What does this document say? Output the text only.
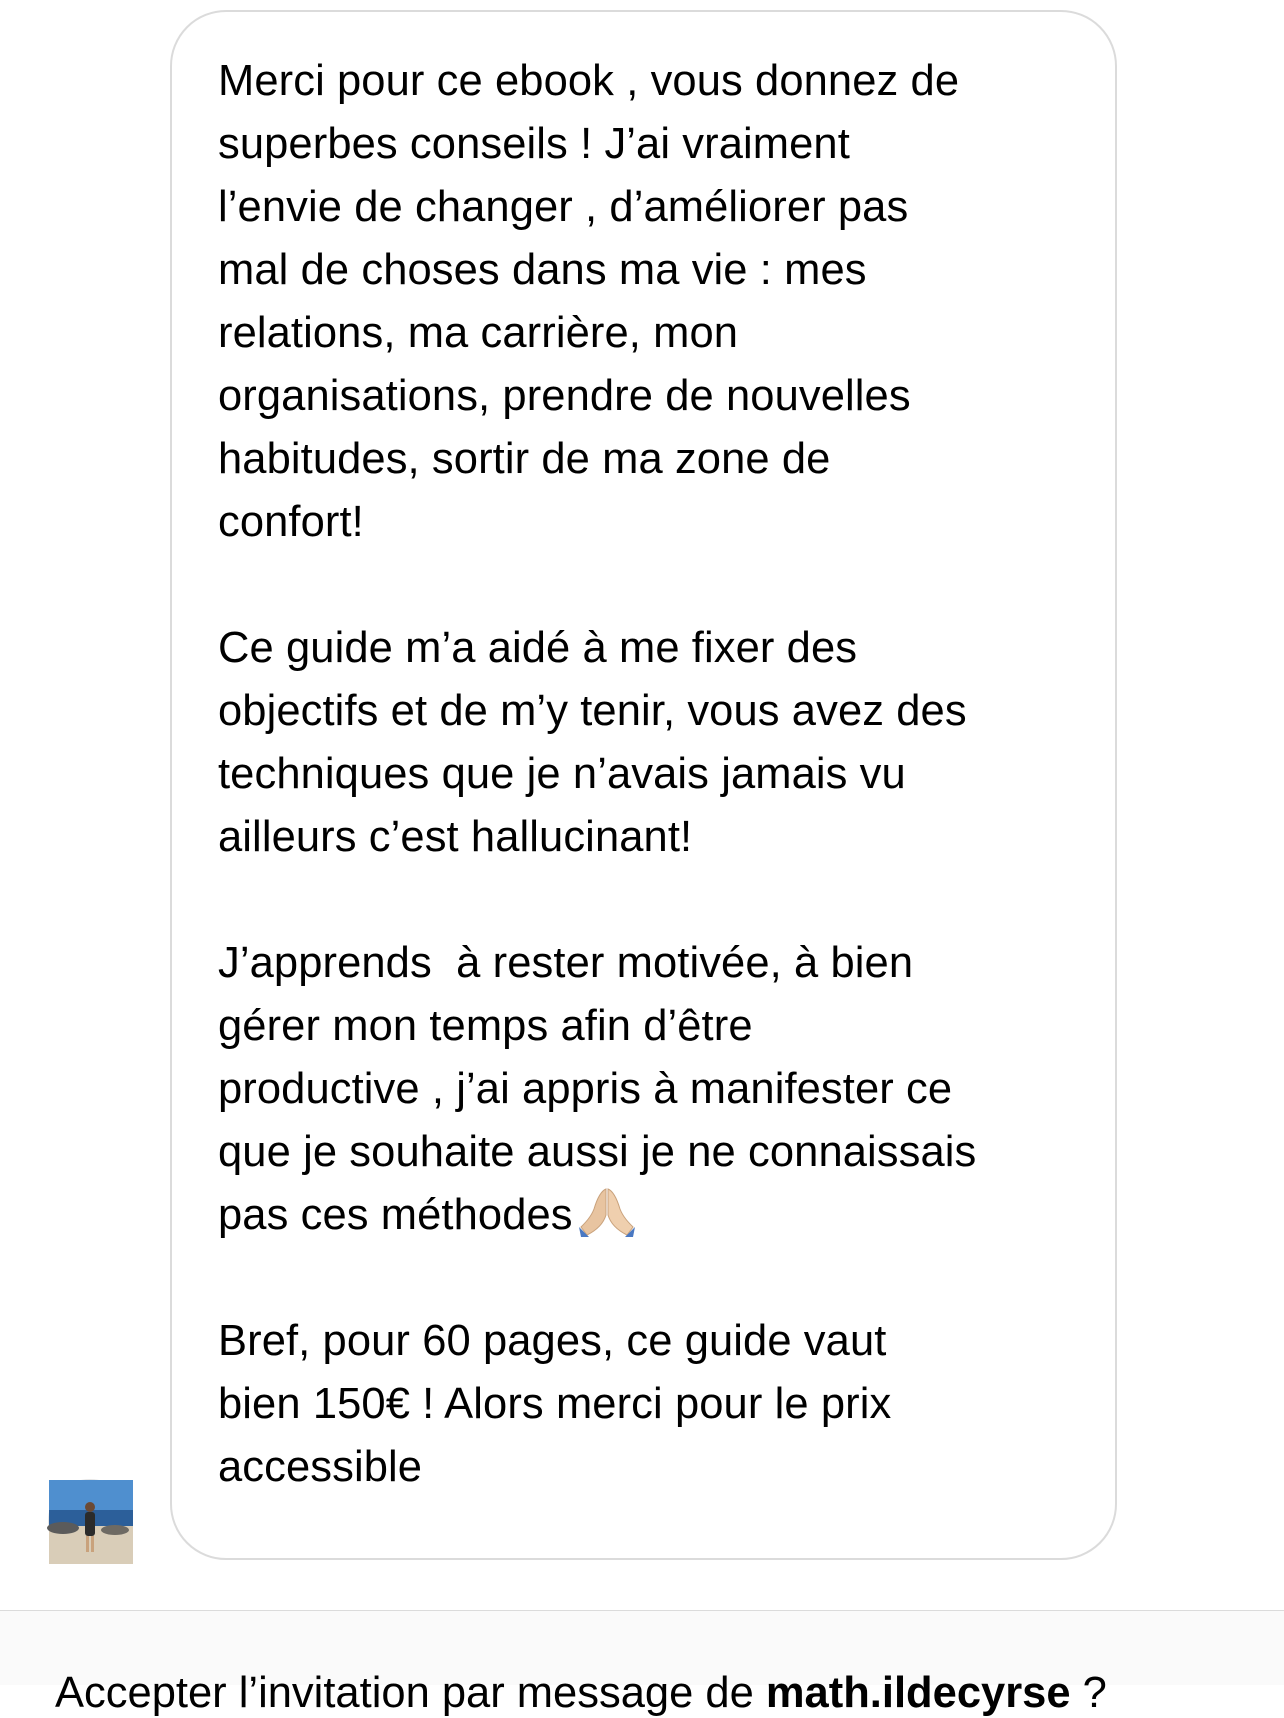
Merci pour ce ebook , vous donnez de
superbes conseils ! J’ai vraiment
l’envie de changer , d’améliorer pas
mal de choses dans ma vie : mes
relations, ma carrière, mon
organisations, prendre de nouvelles
habitudes, sortir de ma zone de
confort!

Ce guide m’a aidé à me fixer des
objectifs et de m’y tenir, vous avez des
techniques que je n’avais jamais vu
ailleurs c’est hallucinant!

J’apprends  à rester motivée, à bien
gérer mon temps afin d’être
productive , j’ai appris à manifester ce
que je souhaite aussi je ne connaissais
pas ces méthodes

Bref, pour 60 pages, ce guide vaut
bien 150€ ! Alors merci pour le prix
accessible

Accepter l’invitation par message de math.ildecyrse ?
